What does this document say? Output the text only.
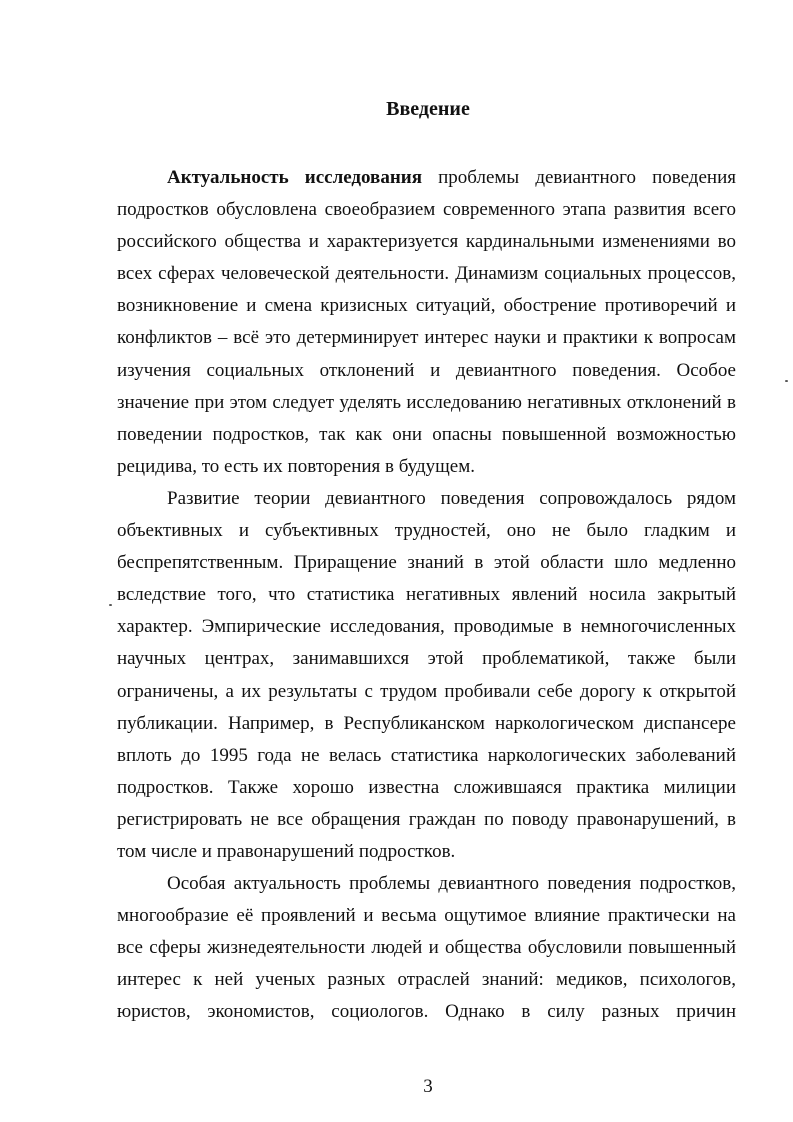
Введение

Актуальность исследования проблемы девиантного поведения подростков обусловлена своеобразием современного этапа развития всего российского общества и характеризуется кардинальными изменениями во всех сферах человеческой деятельности. Динамизм социальных процессов, возникновение и смена кризисных ситуаций, обострение противоречий и конфликтов – всё это детерминирует интерес науки и практики к вопросам изучения социальных отклонений и девиантного поведения. Особое значение при этом следует уделять исследованию негативных отклонений в поведении подростков, так как они опасны повышенной возможностью рецидива, то есть их повторения в будущем.

Развитие теории девиантного поведения сопровождалось рядом объективных и субъективных трудностей, оно не было гладким и беспрепятственным. Приращение знаний в этой области шло медленно вследствие того, что статистика негативных явлений носила закрытый характер. Эмпирические исследования, проводимые в немногочисленных научных центрах, занимавшихся этой проблематикой, также были ограничены, а их результаты с трудом пробивали себе дорогу к открытой публикации. Например, в Республиканском наркологическом диспансере вплоть до 1995 года не велась статистика наркологических заболеваний подростков. Также хорошо известна сложившаяся практика милиции регистрировать не все обращения граждан по поводу правонарушений, в том числе и правонарушений подростков.

Особая актуальность проблемы девиантного поведения подростков, многообразие её проявлений и весьма ощутимое влияние практически на все сферы жизнедеятельности людей и общества обусловили повышенный интерес к ней ученых разных отраслей знаний: медиков, психологов, юристов, экономистов, социологов. Однако в силу разных причин

3
